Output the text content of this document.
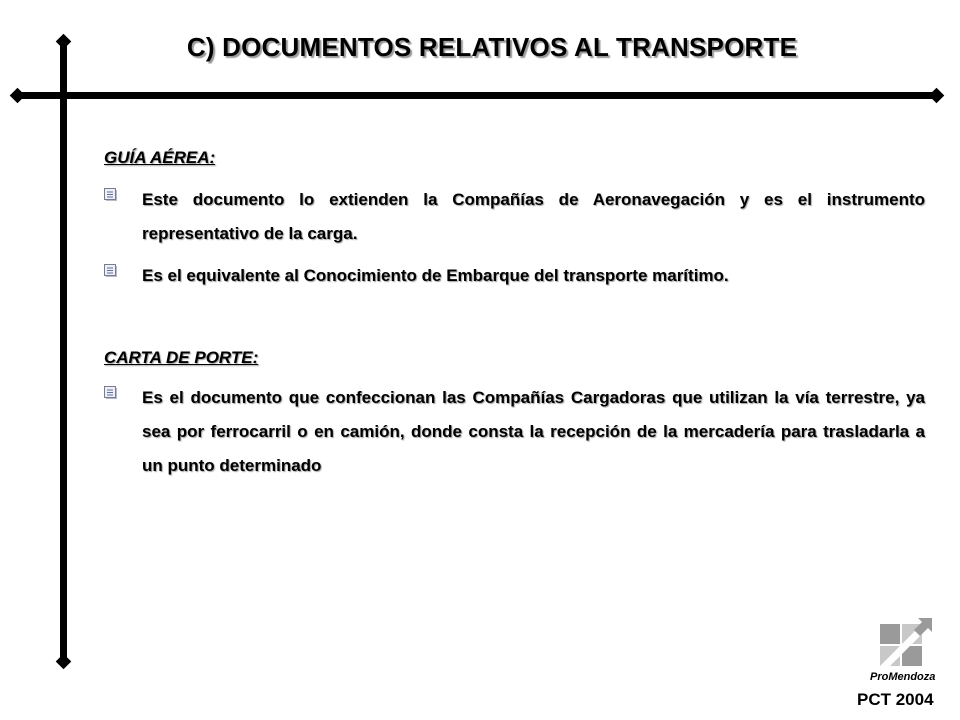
C) DOCUMENTOS RELATIVOS AL TRANSPORTE
GUÍA AÉREA:
Este documento lo extienden la Compañías de Aeronavegación y es el instrumento representativo de la carga.
Es el equivalente al Conocimiento de Embarque del transporte marítimo.
CARTA DE PORTE:
Es el documento que confeccionan las Compañías Cargadoras que utilizan la vía terrestre, ya sea por ferrocarril o en camión, donde consta la recepción de la mercadería para trasladarla a un punto determinado
ProMendoza
PCT 2004
